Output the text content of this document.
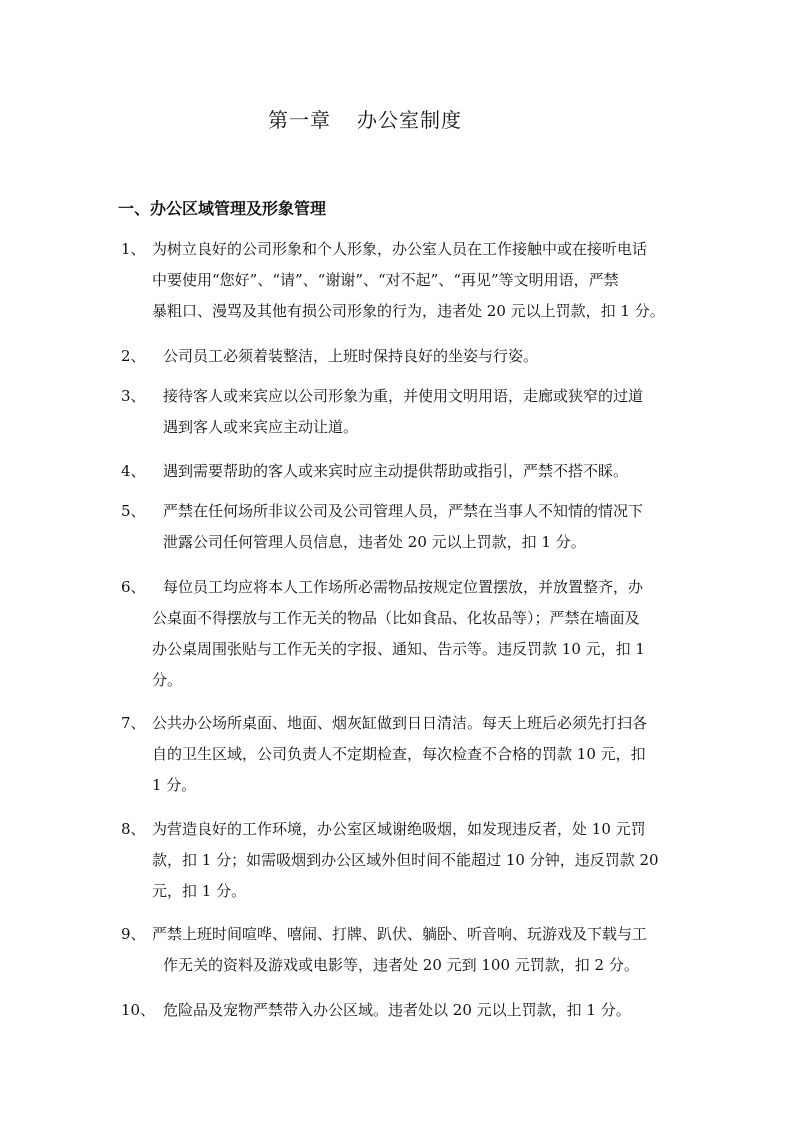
第一章 办公室制度
一、办公区域管理及形象管理
1、 为树立良好的公司形象和个人形象，办公室人员在工作接触中或在接听电话
中要使用“您好”、“请”、“谢谢”、“对不起”、“再见”等文明用语，严禁
暴粗口、漫骂及其他有损公司形象的行为，违者处 20 元以上罚款，扣 1 分。
2、 公司员工必须着装整洁，上班时保持良好的坐姿与行姿。
3、 接待客人或来宾应以公司形象为重，并使用文明用语，走廊或狭窄的过道
遇到客人或来宾应主动让道。
4、 遇到需要帮助的客人或来宾时应主动提供帮助或指引，严禁不搭不睬。
5、 严禁在任何场所非议公司及公司管理人员，严禁在当事人不知情的情况下
泄露公司任何管理人员信息，违者处 20 元以上罚款，扣 1 分。
6、 每位员工均应将本人工作场所必需物品按规定位置摆放，并放置整齐，办
公桌面不得摆放与工作无关的物品（比如食品、化妆品等）；严禁在墙面及
办公桌周围张贴与工作无关的字报、通知、告示等。违反罚款 10 元，扣 1
分。
7、 公共办公场所桌面、地面、烟灰缸做到日日清洁。每天上班后必须先打扫各
自的卫生区域，公司负责人不定期检查，每次检查不合格的罚款 10 元，扣
1 分。
8、 为营造良好的工作环境，办公室区域谢绝吸烟，如发现违反者，处 10 元罚
款，扣 1 分；如需吸烟到办公区域外但时间不能超过 10 分钟，违反罚款 20
元，扣 1 分。
9、 严禁上班时间喧哗、嘻闹、打牌、趴伏、躺卧、听音响、玩游戏及下载与工
作无关的资料及游戏或电影等，违者处 20 元到 100 元罚款，扣 2 分。
10、 危险品及宠物严禁带入办公区域。违者处以 20 元以上罚款，扣 1 分。
